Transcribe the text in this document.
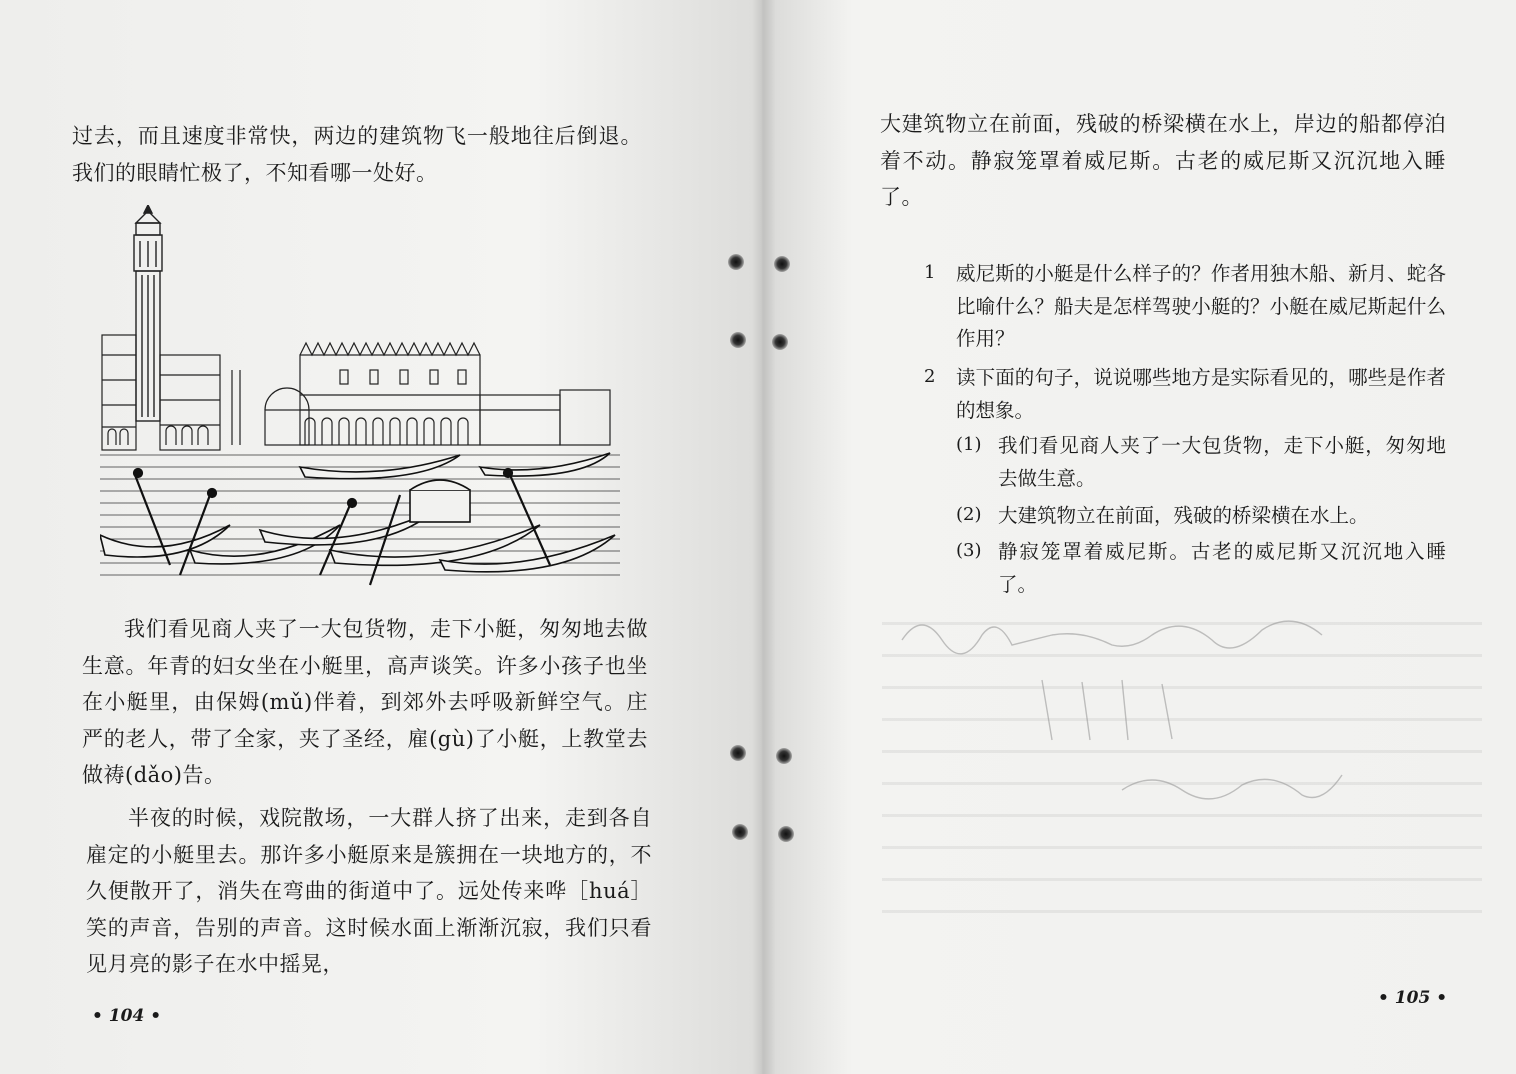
过去，而且速度非常快，两边的建筑物飞一般地往后倒退。我们的眼睛忙极了，不知看哪一处好。

我们看见商人夹了一大包货物，走下小艇，匆匆地去做生意。年青的妇女坐在小艇里，高声谈笑。许多小孩子也坐在小艇里，由保姆(mǔ)伴着，到郊外去呼吸新鲜空气。庄严的老人，带了全家，夹了圣经，雇(gù)了小艇，上教堂去做祷(dǎo)告。

半夜的时候，戏院散场，一大群人挤了出来，走到各自雇定的小艇里去。那许多小艇原来是簇拥在一块地方的，不久便散开了，消失在弯曲的街道中了。远处传来哗［huá］笑的声音，告别的声音。这时候水面上渐渐沉寂，我们只看见月亮的影子在水中摇晃，

• 104 •

大建筑物立在前面，残破的桥梁横在水上，岸边的船都停泊着不动。静寂笼罩着威尼斯。古老的威尼斯又沉沉地入睡了。

1 威尼斯的小艇是什么样子的？作者用独木船、新月、蛇各比喻什么？船夫是怎样驾驶小艇的？小艇在威尼斯起什么作用？

2 读下面的句子，说说哪些地方是实际看见的，哪些是作者的想象。

(1) 我们看见商人夹了一大包货物，走下小艇，匆匆地去做生意。

(2) 大建筑物立在前面，残破的桥梁横在水上。

(3) 静寂笼罩着威尼斯。古老的威尼斯又沉沉地入睡了。

• 105 •
